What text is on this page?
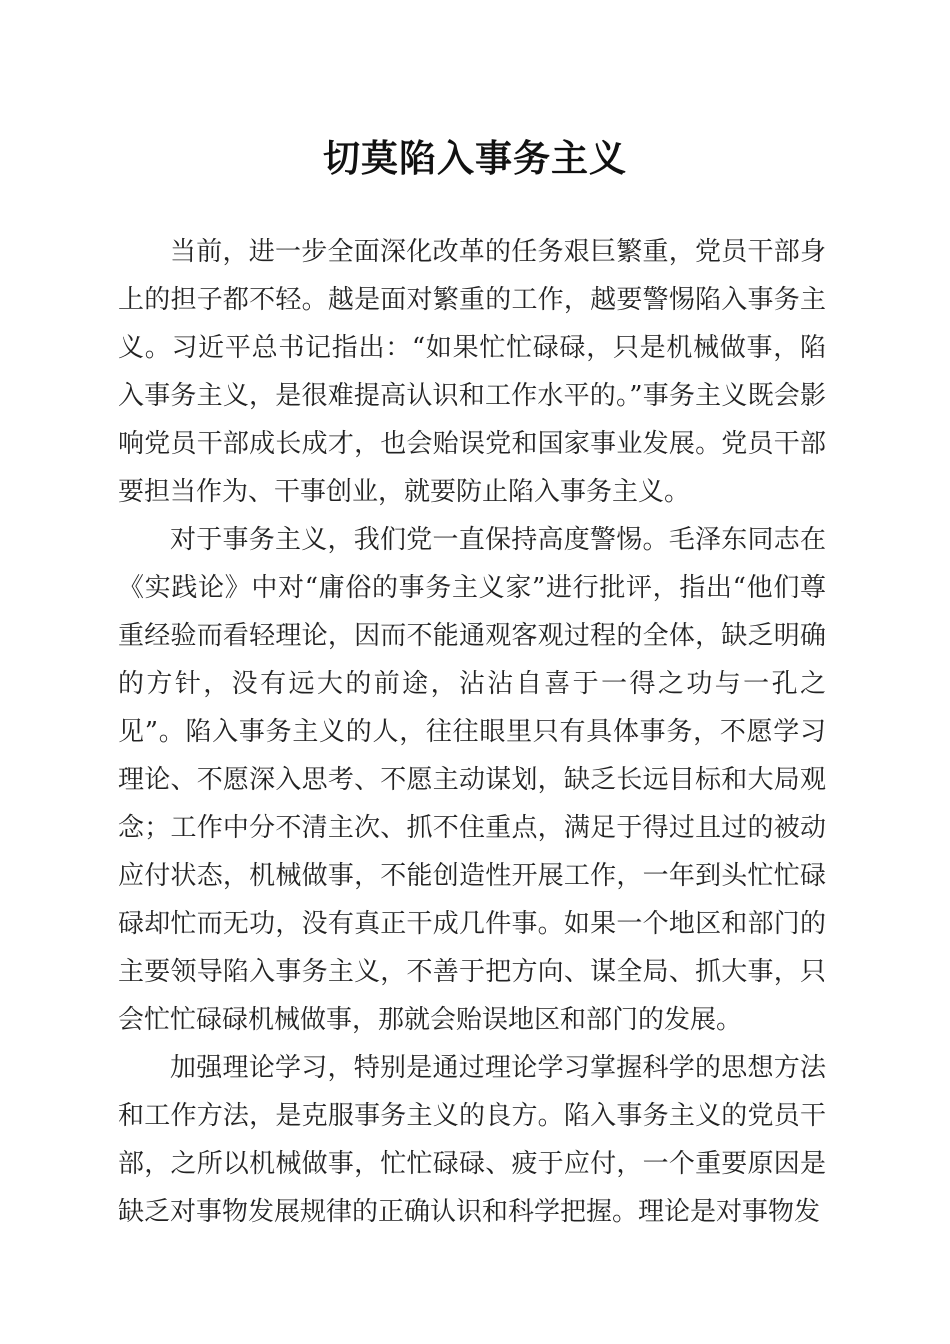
切莫陷入事务主义

当前，进一步全面深化改革的任务艰巨繁重，党员干部身上的担子都不轻。越是面对繁重的工作，越要警惕陷入事务主义。习近平总书记指出：“如果忙忙碌碌，只是机械做事，陷入事务主义，是很难提高认识和工作水平的。”事务主义既会影响党员干部成长成才，也会贻误党和国家事业发展。党员干部要担当作为、干事创业，就要防止陷入事务主义。

对于事务主义，我们党一直保持高度警惕。毛泽东同志在《实践论》中对“庸俗的事务主义家”进行批评，指出“他们尊重经验而看轻理论，因而不能通观客观过程的全体，缺乏明确的方针，没有远大的前途，沾沾自喜于一得之功与一孔之见”。陷入事务主义的人，往往眼里只有具体事务，不愿学习理论、不愿深入思考、不愿主动谋划，缺乏长远目标和大局观念；工作中分不清主次、抓不住重点，满足于得过且过的被动应付状态，机械做事，不能创造性开展工作，一年到头忙忙碌碌却忙而无功，没有真正干成几件事。如果一个地区和部门的主要领导陷入事务主义，不善于把方向、谋全局、抓大事，只会忙忙碌碌机械做事，那就会贻误地区和部门的发展。

加强理论学习，特别是通过理论学习掌握科学的思想方法和工作方法，是克服事务主义的良方。陷入事务主义的党员干部，之所以机械做事，忙忙碌碌、疲于应付，一个重要原因是缺乏对事物发展规律的正确认识和科学把握。理论是对事物发
